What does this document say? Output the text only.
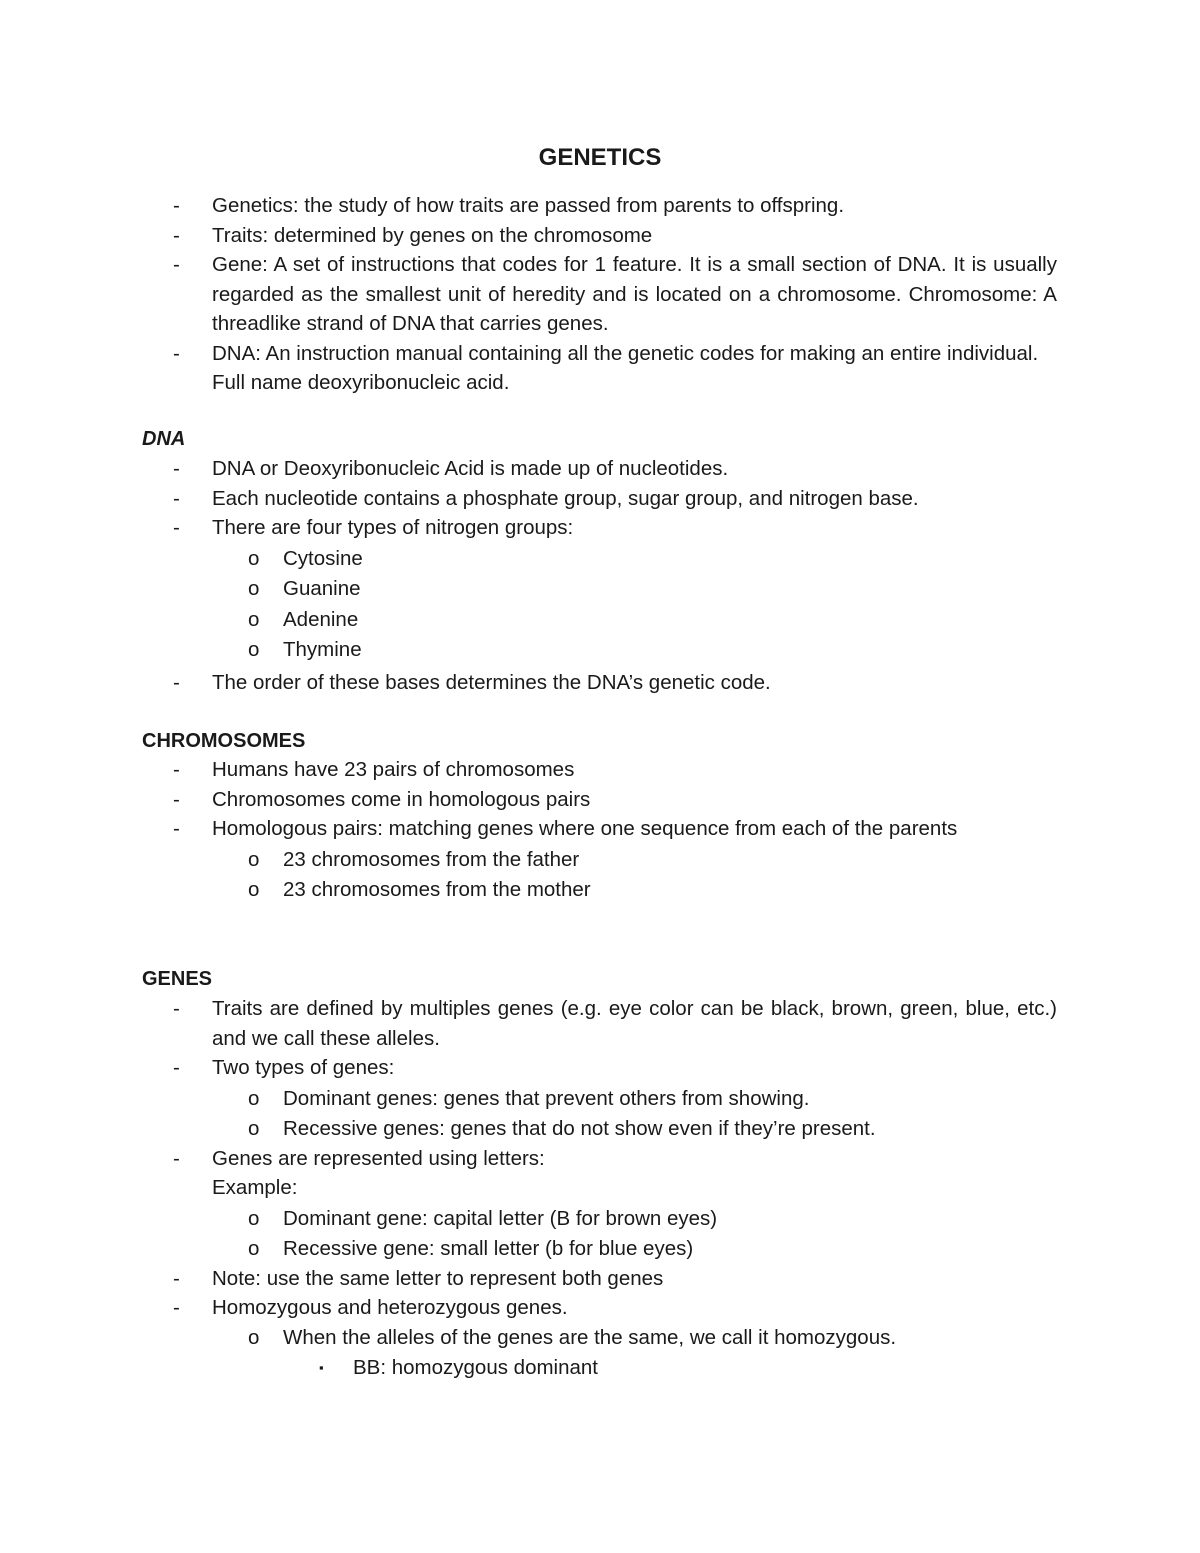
GENETICS
- Genetics: the study of how traits are passed from parents to offspring.
- Traits: determined by genes on the chromosome
- Gene: A set of instructions that codes for 1 feature. It is a small section of DNA. It is usually regarded as the smallest unit of heredity and is located on a chromosome. Chromosome: A threadlike strand of DNA that carries genes.
- DNA: An instruction manual containing all the genetic codes for making an entire individual. Full name deoxyribonucleic acid.
DNA
- DNA or Deoxyribonucleic Acid is made up of nucleotides.
- Each nucleotide contains a phosphate group, sugar group, and nitrogen base.
- There are four types of nitrogen groups:
o Cytosine
o Guanine
o Adenine
o Thymine
- The order of these bases determines the DNA’s genetic code.
CHROMOSOMES
- Humans have 23 pairs of chromosomes
- Chromosomes come in homologous pairs
- Homologous pairs: matching genes where one sequence from each of the parents
o 23 chromosomes from the father
o 23 chromosomes from the mother
GENES
- Traits are defined by multiples genes (e.g. eye color can be black, brown, green, blue, etc.) and we call these alleles.
- Two types of genes:
o Dominant genes: genes that prevent others from showing.
o Recessive genes: genes that do not show even if they’re present.
- Genes are represented using letters:
Example:
o Dominant gene: capital letter (B for brown eyes)
o Recessive gene: small letter (b for blue eyes)
- Note: use the same letter to represent both genes
- Homozygous and heterozygous genes.
o When the alleles of the genes are the same, we call it homozygous.
▪ BB: homozygous dominant
